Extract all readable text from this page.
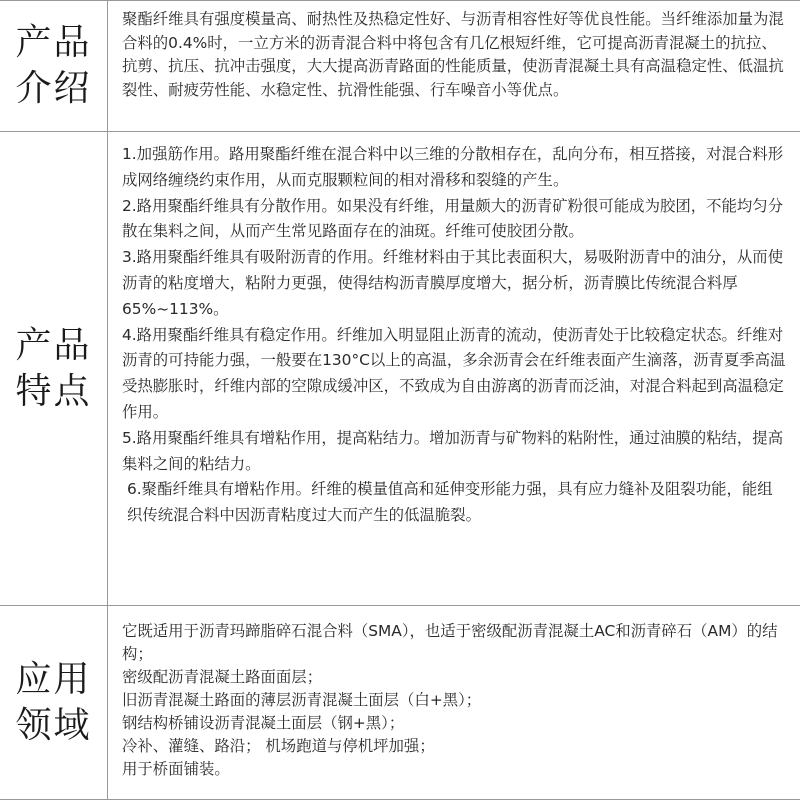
产品介绍

聚酯纤维具有强度模量高、耐热性及热稳定性好、与沥青相容性好等优良性能。当纤维添加量为混合料的0.4%时，一立方米的沥青混合料中将包含有几亿根短纤维，它可提高沥青混凝土的抗拉、抗剪、抗压、抗冲击强度，大大提高沥青路面的性能质量，使沥青混凝土具有高温稳定性、低温抗裂性、耐疲劳性能、水稳定性、抗滑性能强、行车噪音小等优点。

产品特点

1.加强筋作用。路用聚酯纤维在混合料中以三维的分散相存在，乱向分布，相互搭接，对混合料形成网络缠绕约束作用，从而克服颗粒间的相对滑移和裂缝的产生。

2.路用聚酯纤维具有分散作用。如果没有纤维，用量颇大的沥青矿粉很可能成为胶团，不能均匀分散在集料之间，从而产生常见路面存在的油斑。纤维可使胶团分散。

3.路用聚酯纤维具有吸附沥青的作用。纤维材料由于其比表面积大，易吸附沥青中的油分，从而使沥青的粘度增大，粘附力更强，使得结构沥青膜厚度增大，据分析，沥青膜比传统混合料厚65%~113%。

4.路用聚酯纤维具有稳定作用。纤维加入明显阻止沥青的流动，使沥青处于比较稳定状态。纤维对沥青的可持能力强，一般要在130°C以上的高温，多余沥青会在纤维表面产生滴落，沥青夏季高温受热膨胀时，纤维内部的空隙成缓冲区，不致成为自由游离的沥青而泛油，对混合料起到高温稳定作用。

5.路用聚酯纤维具有增粘作用，提高粘结力。增加沥青与矿物料的粘附性，通过油膜的粘结，提高集料之间的粘结力。

6.聚酯纤维具有增粘作用。纤维的模量值高和延伸变形能力强，具有应力缝补及阻裂功能，能组织传统混合料中因沥青粘度过大而产生的低温脆裂。

应用领域

它既适用于沥青玛蹄脂碎石混合料（SMA），也适于密级配沥青混凝土AC和沥青碎石（AM）的结构；

密级配沥青混凝土路面面层；

旧沥青混凝土路面的薄层沥青混凝土面层（白+黑）；

钢结构桥铺设沥青混凝土面层（钢+黑）；

冷补、灌缝、路沿； 机场跑道与停机坪加强；

用于桥面铺装。
